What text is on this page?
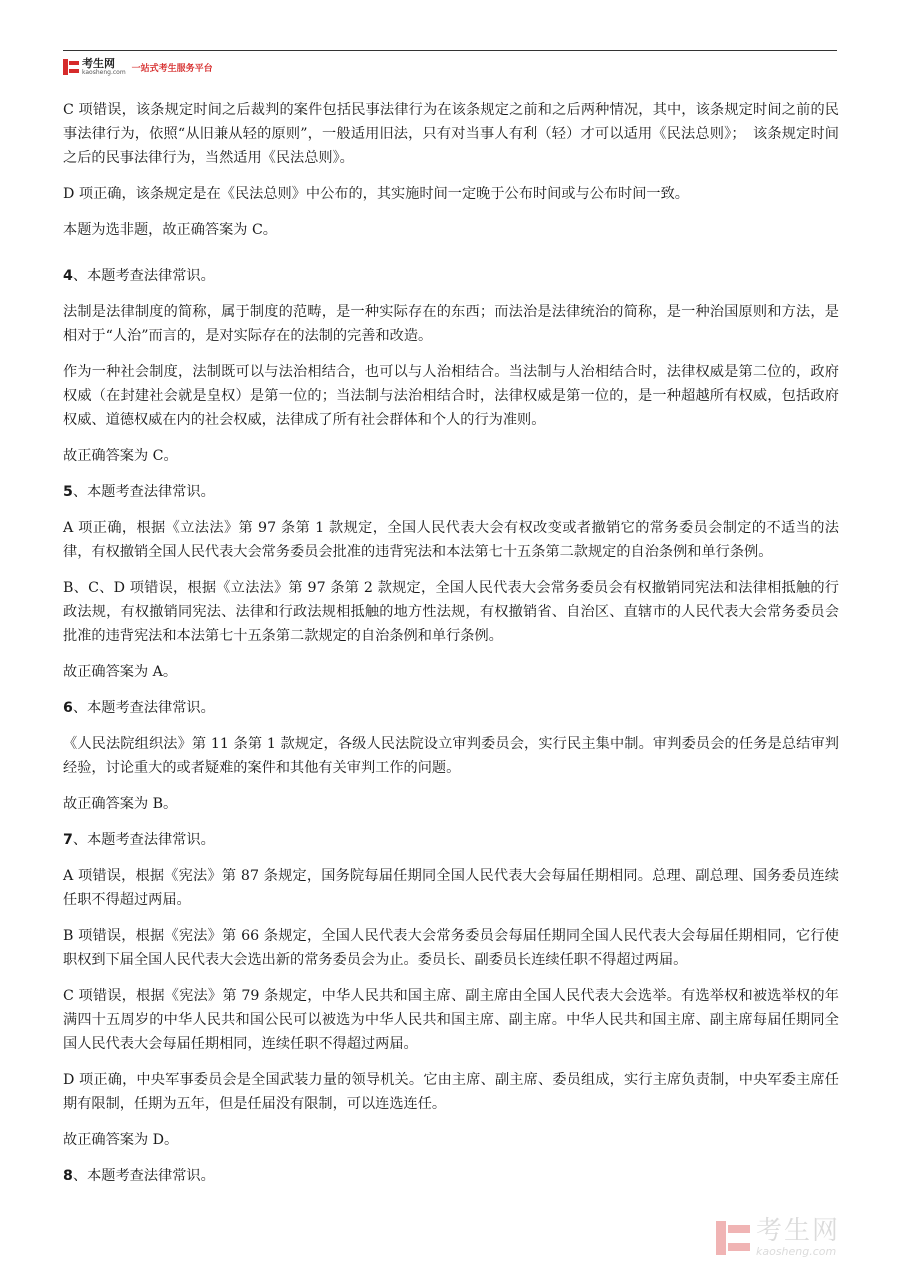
考生网
kaosheng.com 一站式考生服务平台

C 项错误，该条规定时间之后裁判的案件包括民事法律行为在该条规定之前和之后两种情况，其中，该条规定时间之前的民事法律行为，依照“从旧兼从轻的原则”，一般适用旧法，只有对当事人有利（轻）才可以适用《民法总则》；　该条规定时间之后的民事法律行为，当然适用《民法总则》。

D 项正确，该条规定是在《民法总则》中公布的，其实施时间一定晚于公布时间或与公布时间一致。

本题为选非题，故正确答案为 C。

4、本题考查法律常识。

法制是法律制度的简称，属于制度的范畴，是一种实际存在的东西；而法治是法律统治的简称，是一种治国原则和方法，是相对于“人治”而言的，是对实际存在的法制的完善和改造。

作为一种社会制度，法制既可以与法治相结合，也可以与人治相结合。当法制与人治相结合时，法律权威是第二位的，政府权威（在封建社会就是皇权）是第一位的；当法制与法治相结合时，法律权威是第一位的，是一种超越所有权威，包括政府权威、道德权威在内的社会权威，法律成了所有社会群体和个人的行为准则。

故正确答案为 C。

5、本题考查法律常识。

A 项正确，根据《立法法》第 97 条第 1 款规定，全国人民代表大会有权改变或者撤销它的常务委员会制定的不适当的法律，有权撤销全国人民代表大会常务委员会批准的违背宪法和本法第七十五条第二款规定的自治条例和单行条例。

B、C、D 项错误，根据《立法法》第 97 条第 2 款规定，全国人民代表大会常务委员会有权撤销同宪法和法律相抵触的行政法规，有权撤销同宪法、法律和行政法规相抵触的地方性法规，有权撤销省、自治区、直辖市的人民代表大会常务委员会批准的违背宪法和本法第七十五条第二款规定的自治条例和单行条例。

故正确答案为 A。

6、本题考查法律常识。

《人民法院组织法》第 11 条第 1 款规定，各级人民法院设立审判委员会，实行民主集中制。审判委员会的任务是总结审判经验，讨论重大的或者疑难的案件和其他有关审判工作的问题。

故正确答案为 B。

7、本题考查法律常识。

A 项错误，根据《宪法》第 87 条规定，国务院每届任期同全国人民代表大会每届任期相同。总理、副总理、国务委员连续任职不得超过两届。

B 项错误，根据《宪法》第 66 条规定，全国人民代表大会常务委员会每届任期同全国人民代表大会每届任期相同，它行使职权到下届全国人民代表大会选出新的常务委员会为止。委员长、副委员长连续任职不得超过两届。

C 项错误，根据《宪法》第 79 条规定，中华人民共和国主席、副主席由全国人民代表大会选举。有选举权和被选举权的年满四十五周岁的中华人民共和国公民可以被选为中华人民共和国主席、副主席。中华人民共和国主席、副主席每届任期同全国人民代表大会每届任期相同，连续任职不得超过两届。

D 项正确，中央军事委员会是全国武装力量的领导机关。它由主席、副主席、委员组成，实行主席负责制，中央军委主席任期有限制，任期为五年，但是任届没有限制，可以连选连任。

故正确答案为 D。

8、本题考查法律常识。

考生网
kaosheng.com
